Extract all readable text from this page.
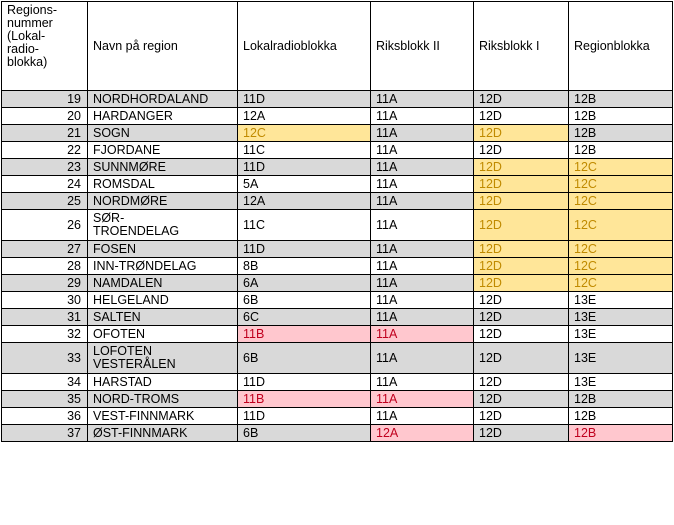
Regions-
nummer
(Lokal-
radio-
blokka)	Navn på region	Lokalradioblokka	Riksblokk II	Riksblokk I	Regionblokka
19	NORDHORDALAND	11D	11A	12D	12B
20	HARDANGER	12A	11A	12D	12B
21	SOGN	12C	11A	12D	12B
22	FJORDANE	11C	11A	12D	12B
23	SUNNMØRE	11D	11A	12D	12C
24	ROMSDAL	5A	11A	12D	12C
25	NORDMØRE	12A	11A	12D	12C
26	SØR-
TROENDELAG	11C	11A	12D	12C
27	FOSEN	11D	11A	12D	12C
28	INN-TRØNDELAG	8B	11A	12D	12C
29	NAMDALEN	6A	11A	12D	12C
30	HELGELAND	6B	11A	12D	13E
31	SALTEN	6C	11A	12D	13E
32	OFOTEN	11B	11A	12D	13E
33	LOFOTEN
VESTERÅLEN	6B	11A	12D	13E
34	HARSTAD	11D	11A	12D	13E
35	NORD-TROMS	11B	11A	12D	12B
36	VEST-FINNMARK	11D	11A	12D	12B
37	ØST-FINNMARK	6B	12A	12D	12B
